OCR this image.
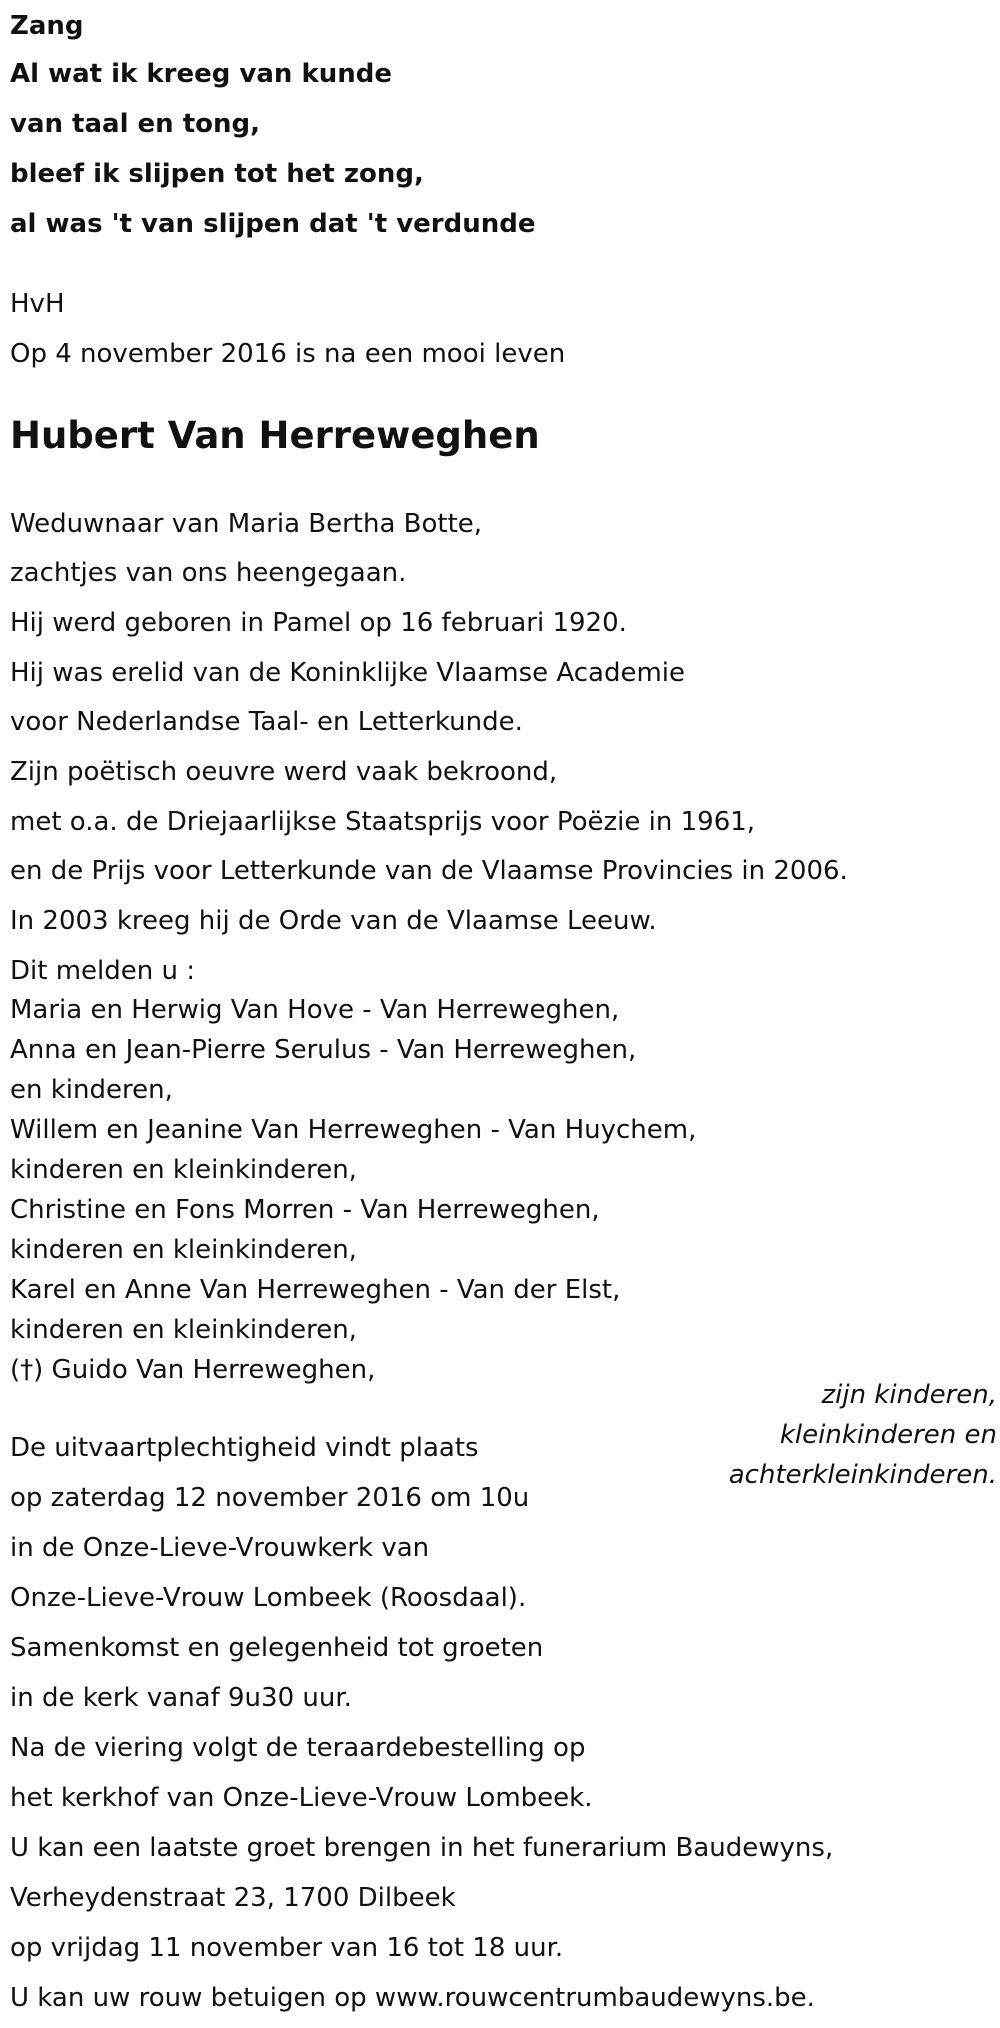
Zang
Al wat ik kreeg van kunde
van taal en tong,
bleef ik slijpen tot het zong,
al was 't van slijpen dat 't verdunde
HvH
Op 4 november 2016 is na een mooi leven
Hubert Van Herreweghen
Weduwnaar van Maria Bertha Botte,
zachtjes van ons heengegaan.
Hij werd geboren in Pamel op 16 februari 1920.
Hij was erelid van de Koninklijke Vlaamse Academie
voor Nederlandse Taal- en Letterkunde.
Zijn poëtisch oeuvre werd vaak bekroond,
met o.a. de Driejaarlijkse Staatsprijs voor Poëzie in 1961,
en de Prijs voor Letterkunde van de Vlaamse Provincies in 2006.
In 2003 kreeg hij de Orde van de Vlaamse Leeuw.
Dit melden u :
Maria en Herwig Van Hove - Van Herreweghen,
Anna en Jean-Pierre Serulus - Van Herreweghen,
en kinderen,
Willem en Jeanine Van Herreweghen - Van Huychem,
kinderen en kleinkinderen,
Christine en Fons Morren - Van Herreweghen,
kinderen en kleinkinderen,
Karel en Anne Van Herreweghen - Van der Elst,
kinderen en kleinkinderen,
(†) Guido Van Herreweghen,
zijn kinderen,
kleinkinderen en
achterkleinkinderen.
De uitvaartplechtigheid vindt plaats
op zaterdag 12 november 2016 om 10u
in de Onze-Lieve-Vrouwkerk van
Onze-Lieve-Vrouw Lombeek (Roosdaal).
Samenkomst en gelegenheid tot groeten
in de kerk vanaf 9u30 uur.
Na de viering volgt de teraardebestelling op
het kerkhof van Onze-Lieve-Vrouw Lombeek.
U kan een laatste groet brengen in het funerarium Baudewyns,
Verheydenstraat 23, 1700 Dilbeek
op vrijdag 11 november van 16 tot 18 uur.
U kan uw rouw betuigen op www.rouwcentrumbaudewyns.be.
